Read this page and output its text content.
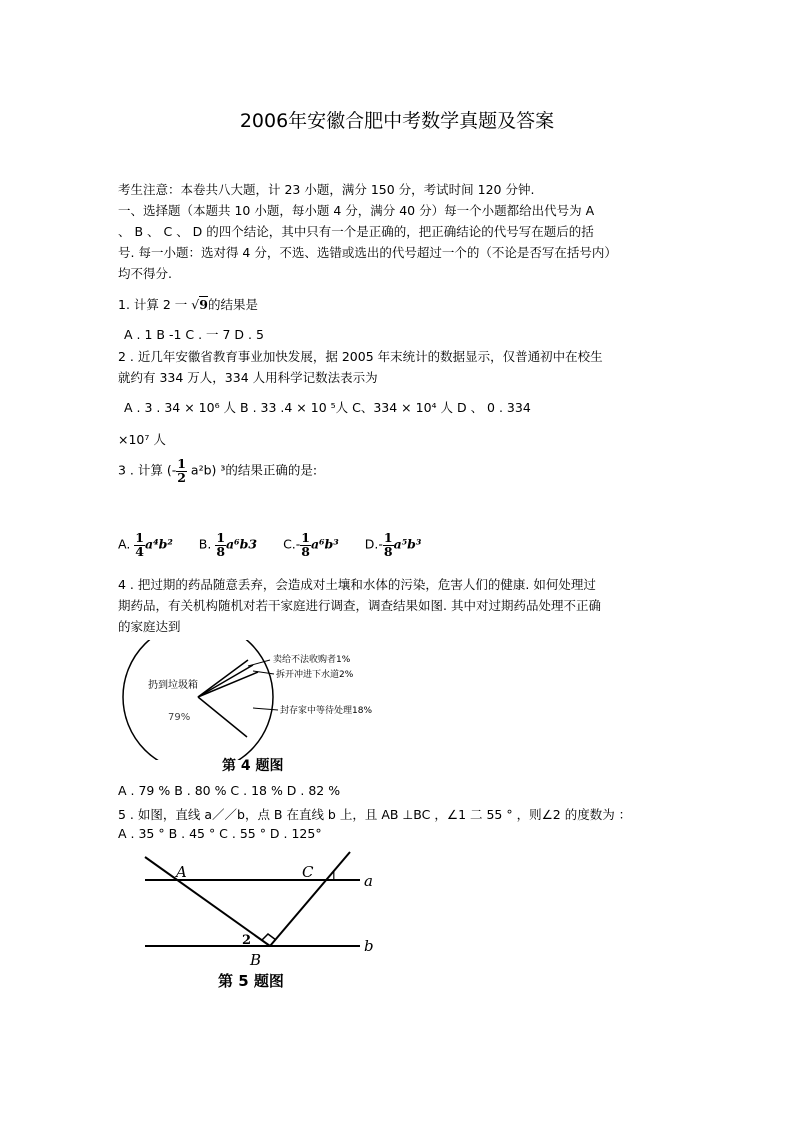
2006年安徽合肥中考数学真题及答案
考生注意：本卷共八大题，计 23 小题，满分 150 分，考试时间 120 分钟.
一、选择题（本题共 10 小题，每小题 4 分，满分 40 分）每一个小题都给出代号为 A
、 B 、 C 、 D 的四个结论，其中只有一个是正确的，把正确结论的代号写在题后的括
号. 每一小题：选对得 4 分，不选、选错或选出的代号超过一个的（不论是否写在括号内）
均不得分.
1. 计算 2 一 √9的结果是
A . 1 B -1 C . 一 7 D . 5
2 . 近几年安徽省教育事业加快发展，据 2005 年末统计的数据显示，仅普通初中在校生
就约有 334 万人，334 人用科学记数法表示为
A . 3 . 34 × 10⁶ 人 B . 33 .4 × 10 ⁵人 C、334 × 10⁴ 人 D 、 0 . 334
×10⁷ 人
3 . 计算 (- $\frac{1}{2} a^2b$) ³的结果正确的是:
A. $\frac{1}{4} a^4b^2$ B. $\frac{1}{8} a^6b3$ $C.- \frac{1}{8} a^6b^3$ $D.- \frac{1}{8} a^5b^3$
4 . 把过期的药品随意丢弃，会造成对土壤和水体的污染，危害人们的健康. 如何处理过
期药品，有关机构随机对若干家庭进行调查，调查结果如图. 其中对过期药品处理不正确
的家庭达到
扔到垃圾箱
79%
卖给不法收购者1%
拆开冲进下水道2%
封存家中等待处理18%
第 4 题图
A . 79 % B . 80 % C . 18 % D . 82 %
5 . 如图，直线 a／／b，点 B 在直线 b 上，且 AB ⊥BC ，∠1 二 55 ° ，则∠2 的度数为 ：
A . 35 ° B . 45 ° C . 55 ° D . 125°
A	C 1 a
b
2
B
第 5 题图
